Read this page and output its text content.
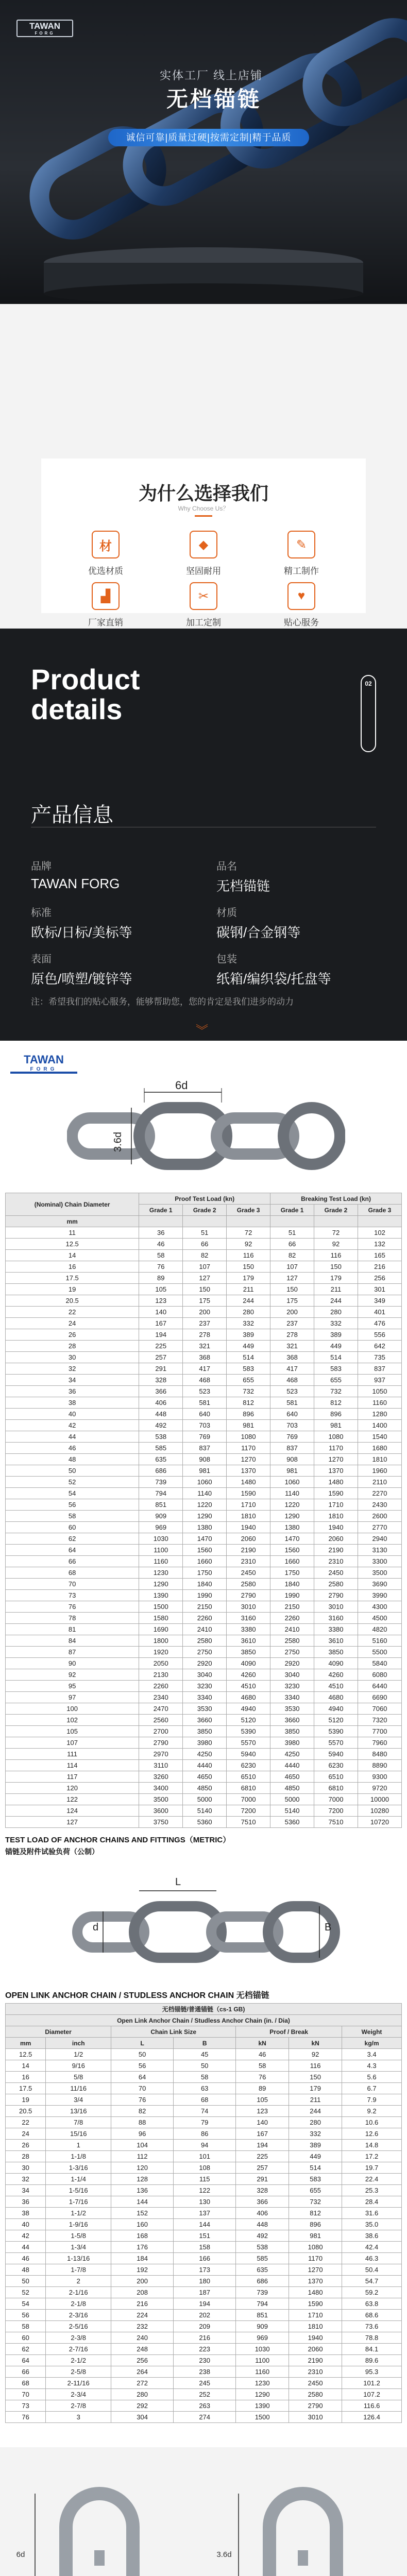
TAWAN
FORG
实体工厂 线上店铺
无档锚链
诚信可靠|质量过硬|按需定制|精于品质
为什么选择我们
Why Choose Us？
材
优选材质
◆
坚固耐用
✎
精工制作
▟
厂家直销
✂
加工定制
♥
贴心服务
Product
details
02
产品信息
品牌
TAWAN FORG
品名
无档锚链
标准
欧标/日标/美标等
材质
碳钢/合金钢等
表面
原色/喷塑/镀锌等
包装
纸箱/编织袋/托盘等
注：希望我们的贴心服务，能够帮助您，您的肯定是我们进步的动力
︾
TAWAN
FORG
6d
3.6d
(Nominal) Chain Diameter	Proof Test Load (kn)			Breaking Test Load (kn)		
	Grade 1	Grade 2	Grade 3	Grade 1	Grade 2	Grade 3
mm						
11	36	51	72	51	72	102
12.5	46	66	92	66	92	132
14	58	82	116	82	116	165
16	76	107	150	107	150	216
17.5	89	127	179	127	179	256
19	105	150	211	150	211	301
20.5	123	175	244	175	244	349
22	140	200	280	200	280	401
24	167	237	332	237	332	476
26	194	278	389	278	389	556
28	225	321	449	321	449	642
30	257	368	514	368	514	735
32	291	417	583	417	583	837
34	328	468	655	468	655	937
36	366	523	732	523	732	1050
38	406	581	812	581	812	1160
40	448	640	896	640	896	1280
42	492	703	981	703	981	1400
44	538	769	1080	769	1080	1540
46	585	837	1170	837	1170	1680
48	635	908	1270	908	1270	1810
50	686	981	1370	981	1370	1960
52	739	1060	1480	1060	1480	2110
54	794	1140	1590	1140	1590	2270
56	851	1220	1710	1220	1710	2430
58	909	1290	1810	1290	1810	2600
60	969	1380	1940	1380	1940	2770
62	1030	1470	2060	1470	2060	2940
64	1100	1560	2190	1560	2190	3130
66	1160	1660	2310	1660	2310	3300
68	1230	1750	2450	1750	2450	3500
70	1290	1840	2580	1840	2580	3690
73	1390	1990	2790	1990	2790	3990
76	1500	2150	3010	2150	3010	4300
78	1580	2260	3160	2260	3160	4500
81	1690	2410	3380	2410	3380	4820
84	1800	2580	3610	2580	3610	5160
87	1920	2750	3850	2750	3850	5500
90	2050	2920	4090	2920	4090	5840
92	2130	3040	4260	3040	4260	6080
95	2260	3230	4510	3230	4510	6440
97	2340	3340	4680	3340	4680	6690
100	2470	3530	4940	3530	4940	7060
102	2560	3660	5120	3660	5120	7320
105	2700	3850	5390	3850	5390	7700
107	2790	3980	5570	3980	5570	7960
111	2970	4250	5940	4250	5940	8480
114	3110	4440	6230	4440	6230	8890
117	3260	4650	6510	4650	6510	9300
120	3400	4850	6810	4850	6810	9720
122	3500	5000	7000	5000	7000	10000
124	3600	5140	7200	5140	7200	10280
127	3750	5360	7510	5360	7510	10720
TEST LOAD OF ANCHOR CHAINS AND FITTINGS（METRIC）
锚链及附件试验负荷（公制）
L
B
d
OPEN LINK ANCHOR CHAIN / STUDLESS ANCHOR CHAIN 无档锚链
无档锚链/普通锚链（cs-1 GB)						
Open Link Anchor Chain / Studless Anchor Chain (in. / Dia)						
Diameter		Chain Link Size		Proof / Break		Weight
mm	inch	L	B	kN	kN	kg/m
12.5	1/2	50	45	46	92	3.4
14	9/16	56	50	58	116	4.3
16	5/8	64	58	76	150	5.6
17.5	11/16	70	63	89	179	6.7
19	3/4	76	68	105	211	7.9
20.5	13/16	82	74	123	244	9.2
22	7/8	88	79	140	280	10.6
24	15/16	96	86	167	332	12.6
26	1	104	94	194	389	14.8
28	1-1/8	112	101	225	449	17.2
30	1-3/16	120	108	257	514	19.7
32	1-1/4	128	115	291	583	22.4
34	1-5/16	136	122	328	655	25.3
36	1-7/16	144	130	366	732	28.4
38	1-1/2	152	137	406	812	31.6
40	1-9/16	160	144	448	896	35.0
42	1-5/8	168	151	492	981	38.6
44	1-3/4	176	158	538	1080	42.4
46	1-13/16	184	166	585	1170	46.3
48	1-7/8	192	173	635	1270	50.4
50	2	200	180	686	1370	54.7
52	2-1/16	208	187	739	1480	59.2
54	2-1/8	216	194	794	1590	63.8
56	2-3/16	224	202	851	1710	68.6
58	2-5/16	232	209	909	1810	73.6
60	2-3/8	240	216	969	1940	78.8
62	2-7/16	248	223	1030	2060	84.1
64	2-1/2	256	230	1100	2190	89.6
66	2-5/8	264	238	1160	2310	95.3
68	2-11/16	272	245	1230	2450	101.2
70	2-3/4	280	252	1290	2580	107.2
73	2-7/8	292	263	1390	2790	116.6
76	3	304	274	1500	3010	126.4
6d	3.6d
